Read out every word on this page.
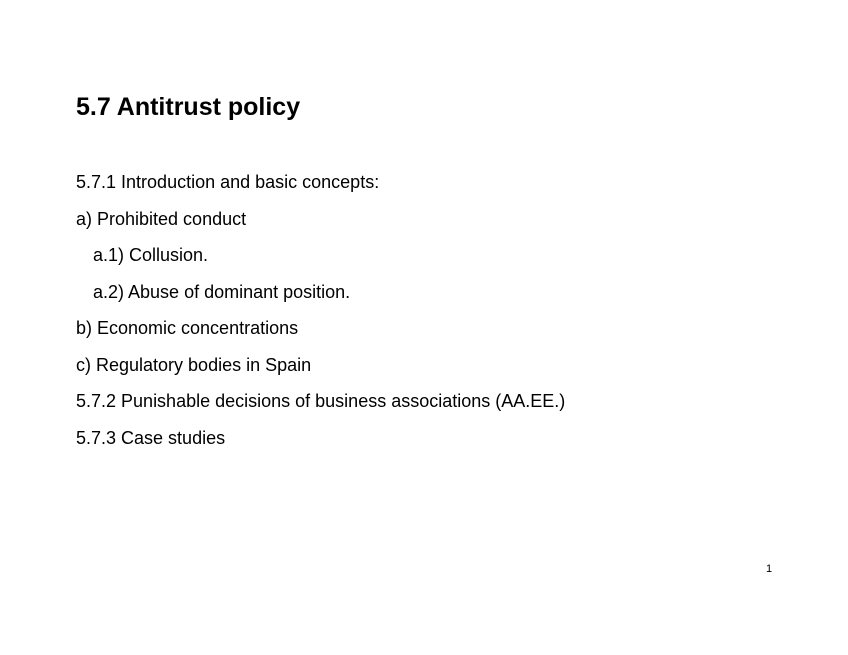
5.7 Antitrust policy
5.7.1 Introduction and basic concepts:
a) Prohibited conduct
a.1) Collusion.
a.2) Abuse of dominant position.
b) Economic concentrations
c) Regulatory bodies in Spain
5.7.2 Punishable decisions of business associations (AA.EE.)
5.7.3 Case studies
1
